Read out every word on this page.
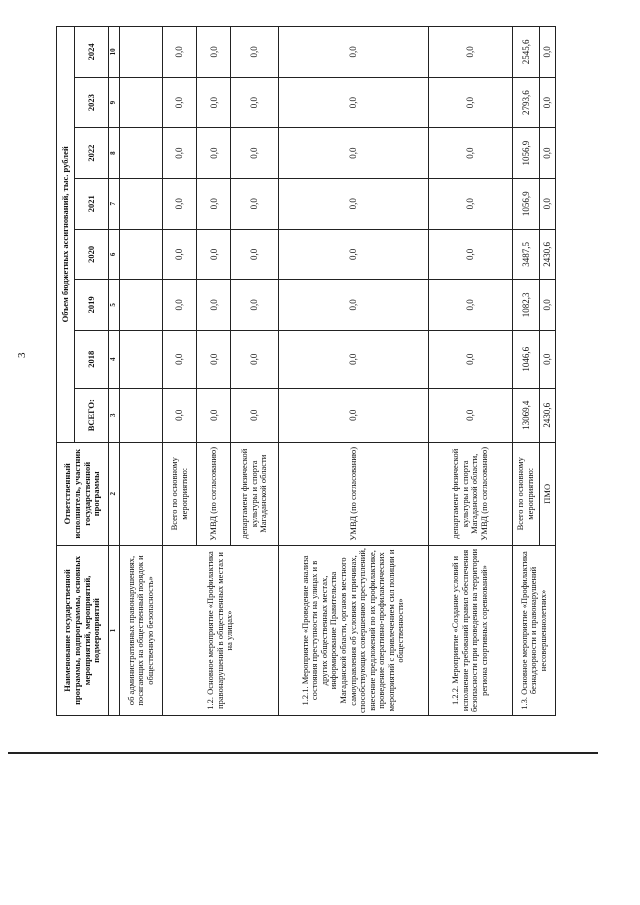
3
Наименование государственной программы, подпрограммы, основных мероприятий, мероприятий, подмероприятий	Ответственный исполнитель, участник государственной программы	Объем бюджетных ассигнований, тыс. рублей							
		ВСЕГО:	2018	2019	2020	2021	2022	2023	2024
1	2	3	4	5	6	7	8	9	10
об административных правонарушениях, посягающих на общественный порядок и общественную безопасность»									
1.2. Основное мероприятие «Профилактика правонарушений в общественных местах и на улицах»	Всего по основному мероприятию:	0,0	0,0	0,0	0,0	0,0	0,0	0,0	0,0
	УМВД (по согласованию)	0,0	0,0	0,0	0,0	0,0	0,0	0,0	0,0
	департамент физической культуры и спорта Магаданской области	0,0	0,0	0,0	0,0	0,0	0,0	0,0	0,0
1.2.1. Мероприятие «Проведение анализа состояния преступности на улицах и в других общественных местах, информирование Правительства Магаданской области, органов местного самоуправления об условиях и причинах, способствующих совершению преступлений, внесение предложений по их профилактике, проведение оперативно-профилактических мероприятий с привлечением сил полиции и общественности»	УМВД (по согласованию)	0,0	0,0	0,0	0,0	0,0	0,0	0,0	0,0
1.2.2. Мероприятие «Создание условий и исполнение требований правил обеспечения безопасности при проведении на территории региона спортивных соревнований»	департамент физической культуры и спорта Магаданской области, УМВД (по согласованию)	0,0	0,0	0,0	0,0	0,0	0,0	0,0	0,0
1.3. Основное мероприятие «Профилактика безнадзорности и правонарушений несовершеннолетних»	Всего по основному мероприятию:	13069,4	1046,6	1082,3	3487,5	1056,9	1056,9	2793,6	2545,6
	ПМО	2430,6	0,0	0,0	2430,6	0,0	0,0	0,0	0,0
